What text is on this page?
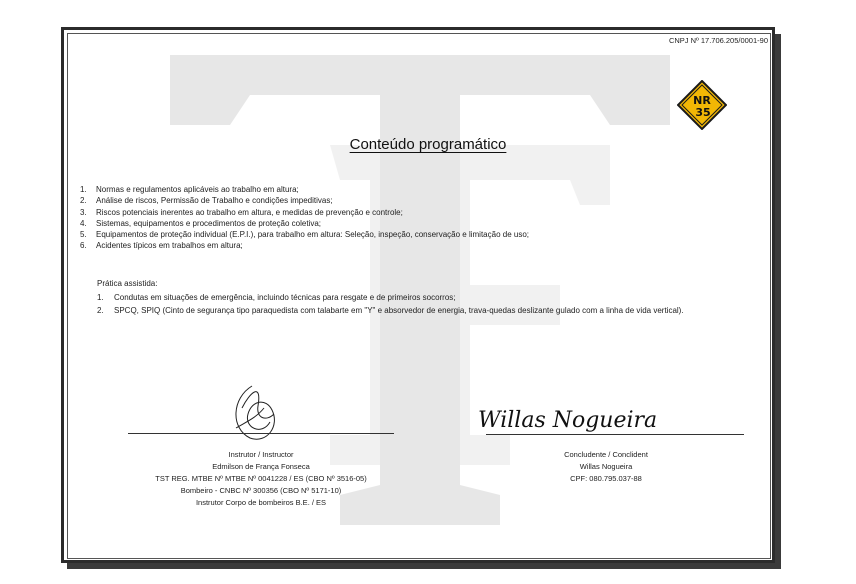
CNPJ Nº 17.706.205/0001-90
NR
35
Conteúdo programático
1. Normas e regulamentos aplicáveis ao trabalho em altura;
2. Análise de riscos, Permissão de Trabalho e condições impeditivas;
3. Riscos potenciais inerentes ao trabalho em altura, e medidas de prevenção e controle;
4. Sistemas, equipamentos e procedimentos de proteção coletiva;
5. Equipamentos de proteção individual (E.P.I.), para trabalho em altura: Seleção, inspeção, conservação e limitação de uso;
6. Acidentes típicos em trabalhos em altura;
Prática assistida:
1.	Condutas em situações de emergência, incluindo técnicas para resgate e de primeiros socorros;
2.	SPCQ, SPIQ (Cinto de segurança tipo paraquedista com talabarte em "Y" e absorvedor de energia, trava-quedas deslizante gulado com a linha de vida vertical).
Instrutor / Instructor
Edmilson de França Fonseca
TST REG. MTBE Nº MTBE Nº 0041228 / ES (CBO Nº 3516-05)
Bombeiro - CNBC Nº 300356 (CBO Nº 5171-10)
Instrutor Corpo de bombeiros B.E. / ES
Willas Nogueira
Concludente / Conclident
Willas Nogueira
CPF: 080.795.037-88
